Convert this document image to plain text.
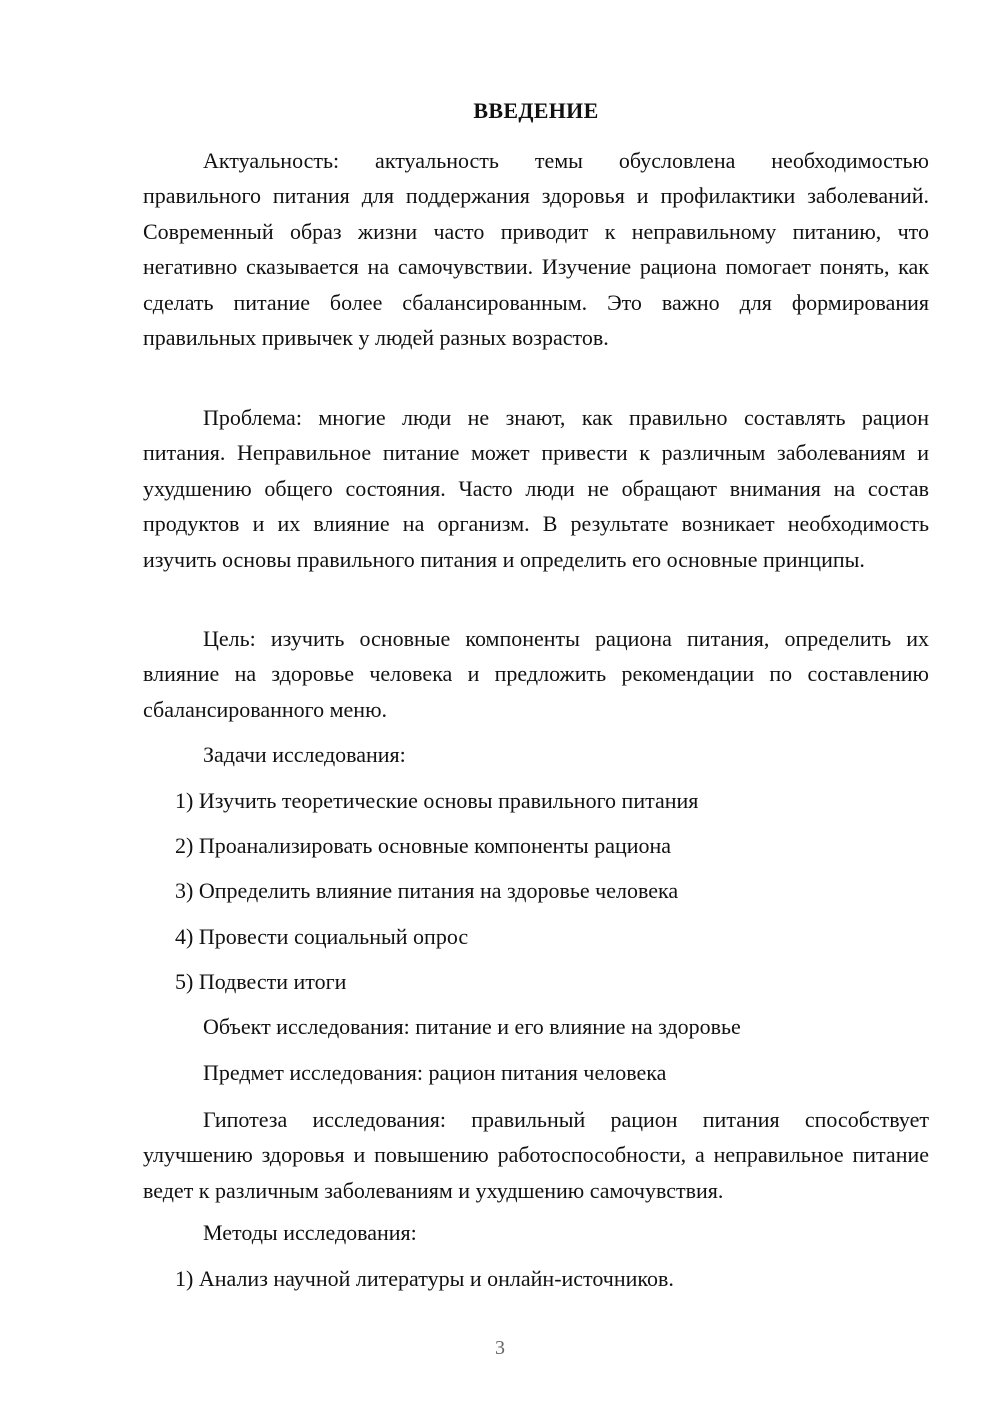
ВВЕДЕНИЕ

Актуальность: актуальность темы обусловлена необходимостью правильного питания для поддержания здоровья и профилактики заболеваний. Современный образ жизни часто приводит к неправильному питанию, что негативно сказывается на самочувствии. Изучение рациона помогает понять, как сделать питание более сбалансированным. Это важно для формирования правильных привычек у людей разных возрастов.

Проблема: многие люди не знают, как правильно составлять рацион питания. Неправильное питание может привести к различным заболеваниям и ухудшению общего состояния. Часто люди не обращают внимания на состав продуктов и их влияние на организм. В результате возникает необходимость изучить основы правильного питания и определить его основные принципы.

Цель: изучить основные компоненты рациона питания, определить их влияние на здоровье человека и предложить рекомендации по составлению сбалансированного меню.

Задачи исследования:

1) Изучить теоретические основы правильного питания

2) Проанализировать основные компоненты рациона

3) Определить влияние питания на здоровье человека

4) Провести социальный опрос

5) Подвести итоги

Объект исследования: питание и его влияние на здоровье

Предмет исследования: рацион питания человека

Гипотеза исследования: правильный рацион питания способствует улучшению здоровья и повышению работоспособности, а неправильное питание ведет к различным заболеваниям и ухудшению самочувствия.

Методы исследования:

1) Анализ научной литературы и онлайн-источников.

3
